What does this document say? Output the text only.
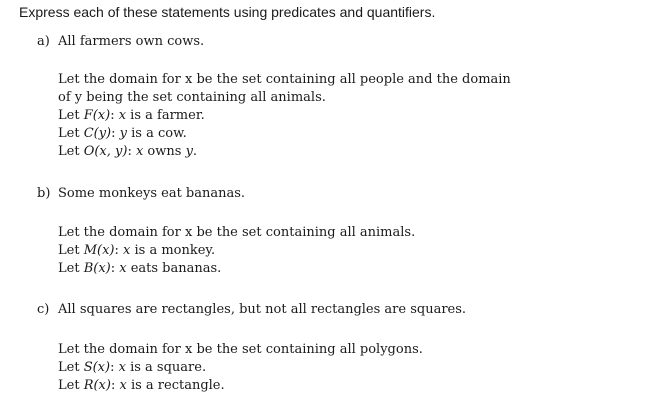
Express each of these statements using predicates and quantifiers.
a) All farmers own cows.
Let the domain for x be the set containing all people and the domain
of y being the set containing all animals.
Let F(x): x is a farmer.
Let C(y): y is a cow.
Let O(x, y): x owns y.
b) Some monkeys eat bananas.
Let the domain for x be the set containing all animals.
Let M(x): x is a monkey.
Let B(x): x eats bananas.
c) All squares are rectangles, but not all rectangles are squares.
Let the domain for x be the set containing all polygons.
Let S(x): x is a square.
Let R(x): x is a rectangle.
